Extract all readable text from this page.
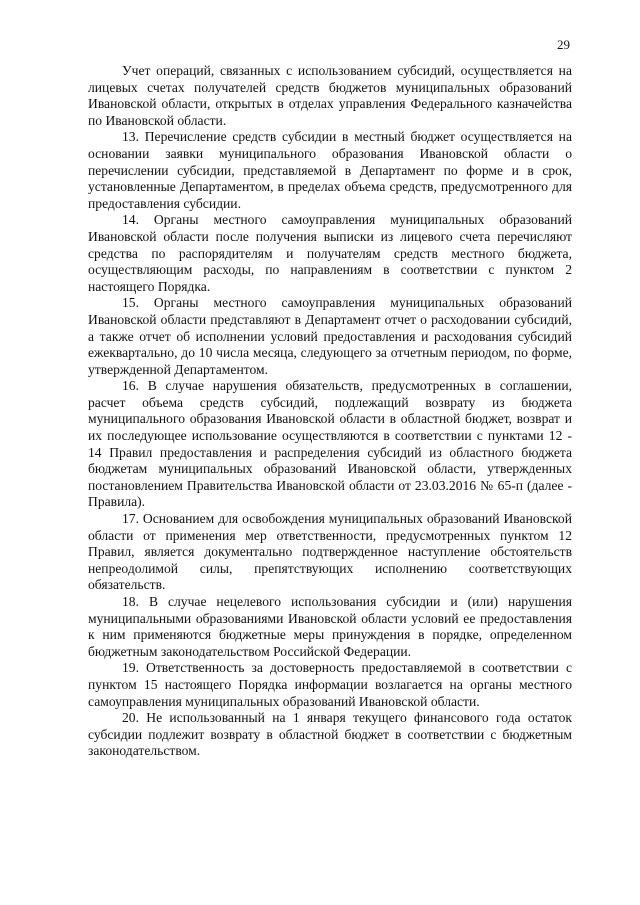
29

Учет операций, связанных с использованием субсидий, осуществляется на лицевых счетах получателей средств бюджетов муниципальных образований Ивановской области, открытых в отделах управления Федерального казначейства по Ивановской области.

13. Перечисление средств субсидии в местный бюджет осуществляется на основании заявки муниципального образования Ивановской области о перечислении субсидии, представляемой в Департамент по форме и в срок, установленные Департаментом, в пределах объема средств, предусмотренного для предоставления субсидии.

14. Органы местного самоуправления муниципальных образований Ивановской области после получения выписки из лицевого счета перечисляют средства по распорядителям и получателям средств местного бюджета, осуществляющим расходы, по направлениям в соответствии с пунктом 2 настоящего Порядка.

15. Органы местного самоуправления муниципальных образований Ивановской области представляют в Департамент отчет о расходовании субсидий, а также отчет об исполнении условий предоставления и расходования субсидий ежеквартально, до 10 числа месяца, следующего за отчетным периодом, по форме, утвержденной Департаментом.

16. В случае нарушения обязательств, предусмотренных в соглашении, расчет объема средств субсидий, подлежащий возврату из бюджета муниципального образования Ивановской области в областной бюджет, возврат и их последующее использование осуществляются в соответствии с пунктами 12 - 14 Правил предоставления и распределения субсидий из областного бюджета бюджетам муниципальных образований Ивановской области, утвержденных постановлением Правительства Ивановской области от 23.03.2016 № 65-п (далее - Правила).

17. Основанием для освобождения муниципальных образований Ивановской области от применения мер ответственности, предусмотренных пунктом 12 Правил, является документально подтвержденное наступление обстоятельств непреодолимой силы, препятствующих исполнению соответствующих обязательств.

18. В случае нецелевого использования субсидии и (или) нарушения муниципальными образованиями Ивановской области условий ее предоставления к ним применяются бюджетные меры принуждения в порядке, определенном бюджетным законодательством Российской Федерации.

19. Ответственность за достоверность предоставляемой в соответствии с пунктом 15 настоящего Порядка информации возлагается на органы местного самоуправления муниципальных образований Ивановской области.

20. Не использованный на 1 января текущего финансового года остаток субсидии подлежит возврату в областной бюджет в соответствии с бюджетным законодательством.
